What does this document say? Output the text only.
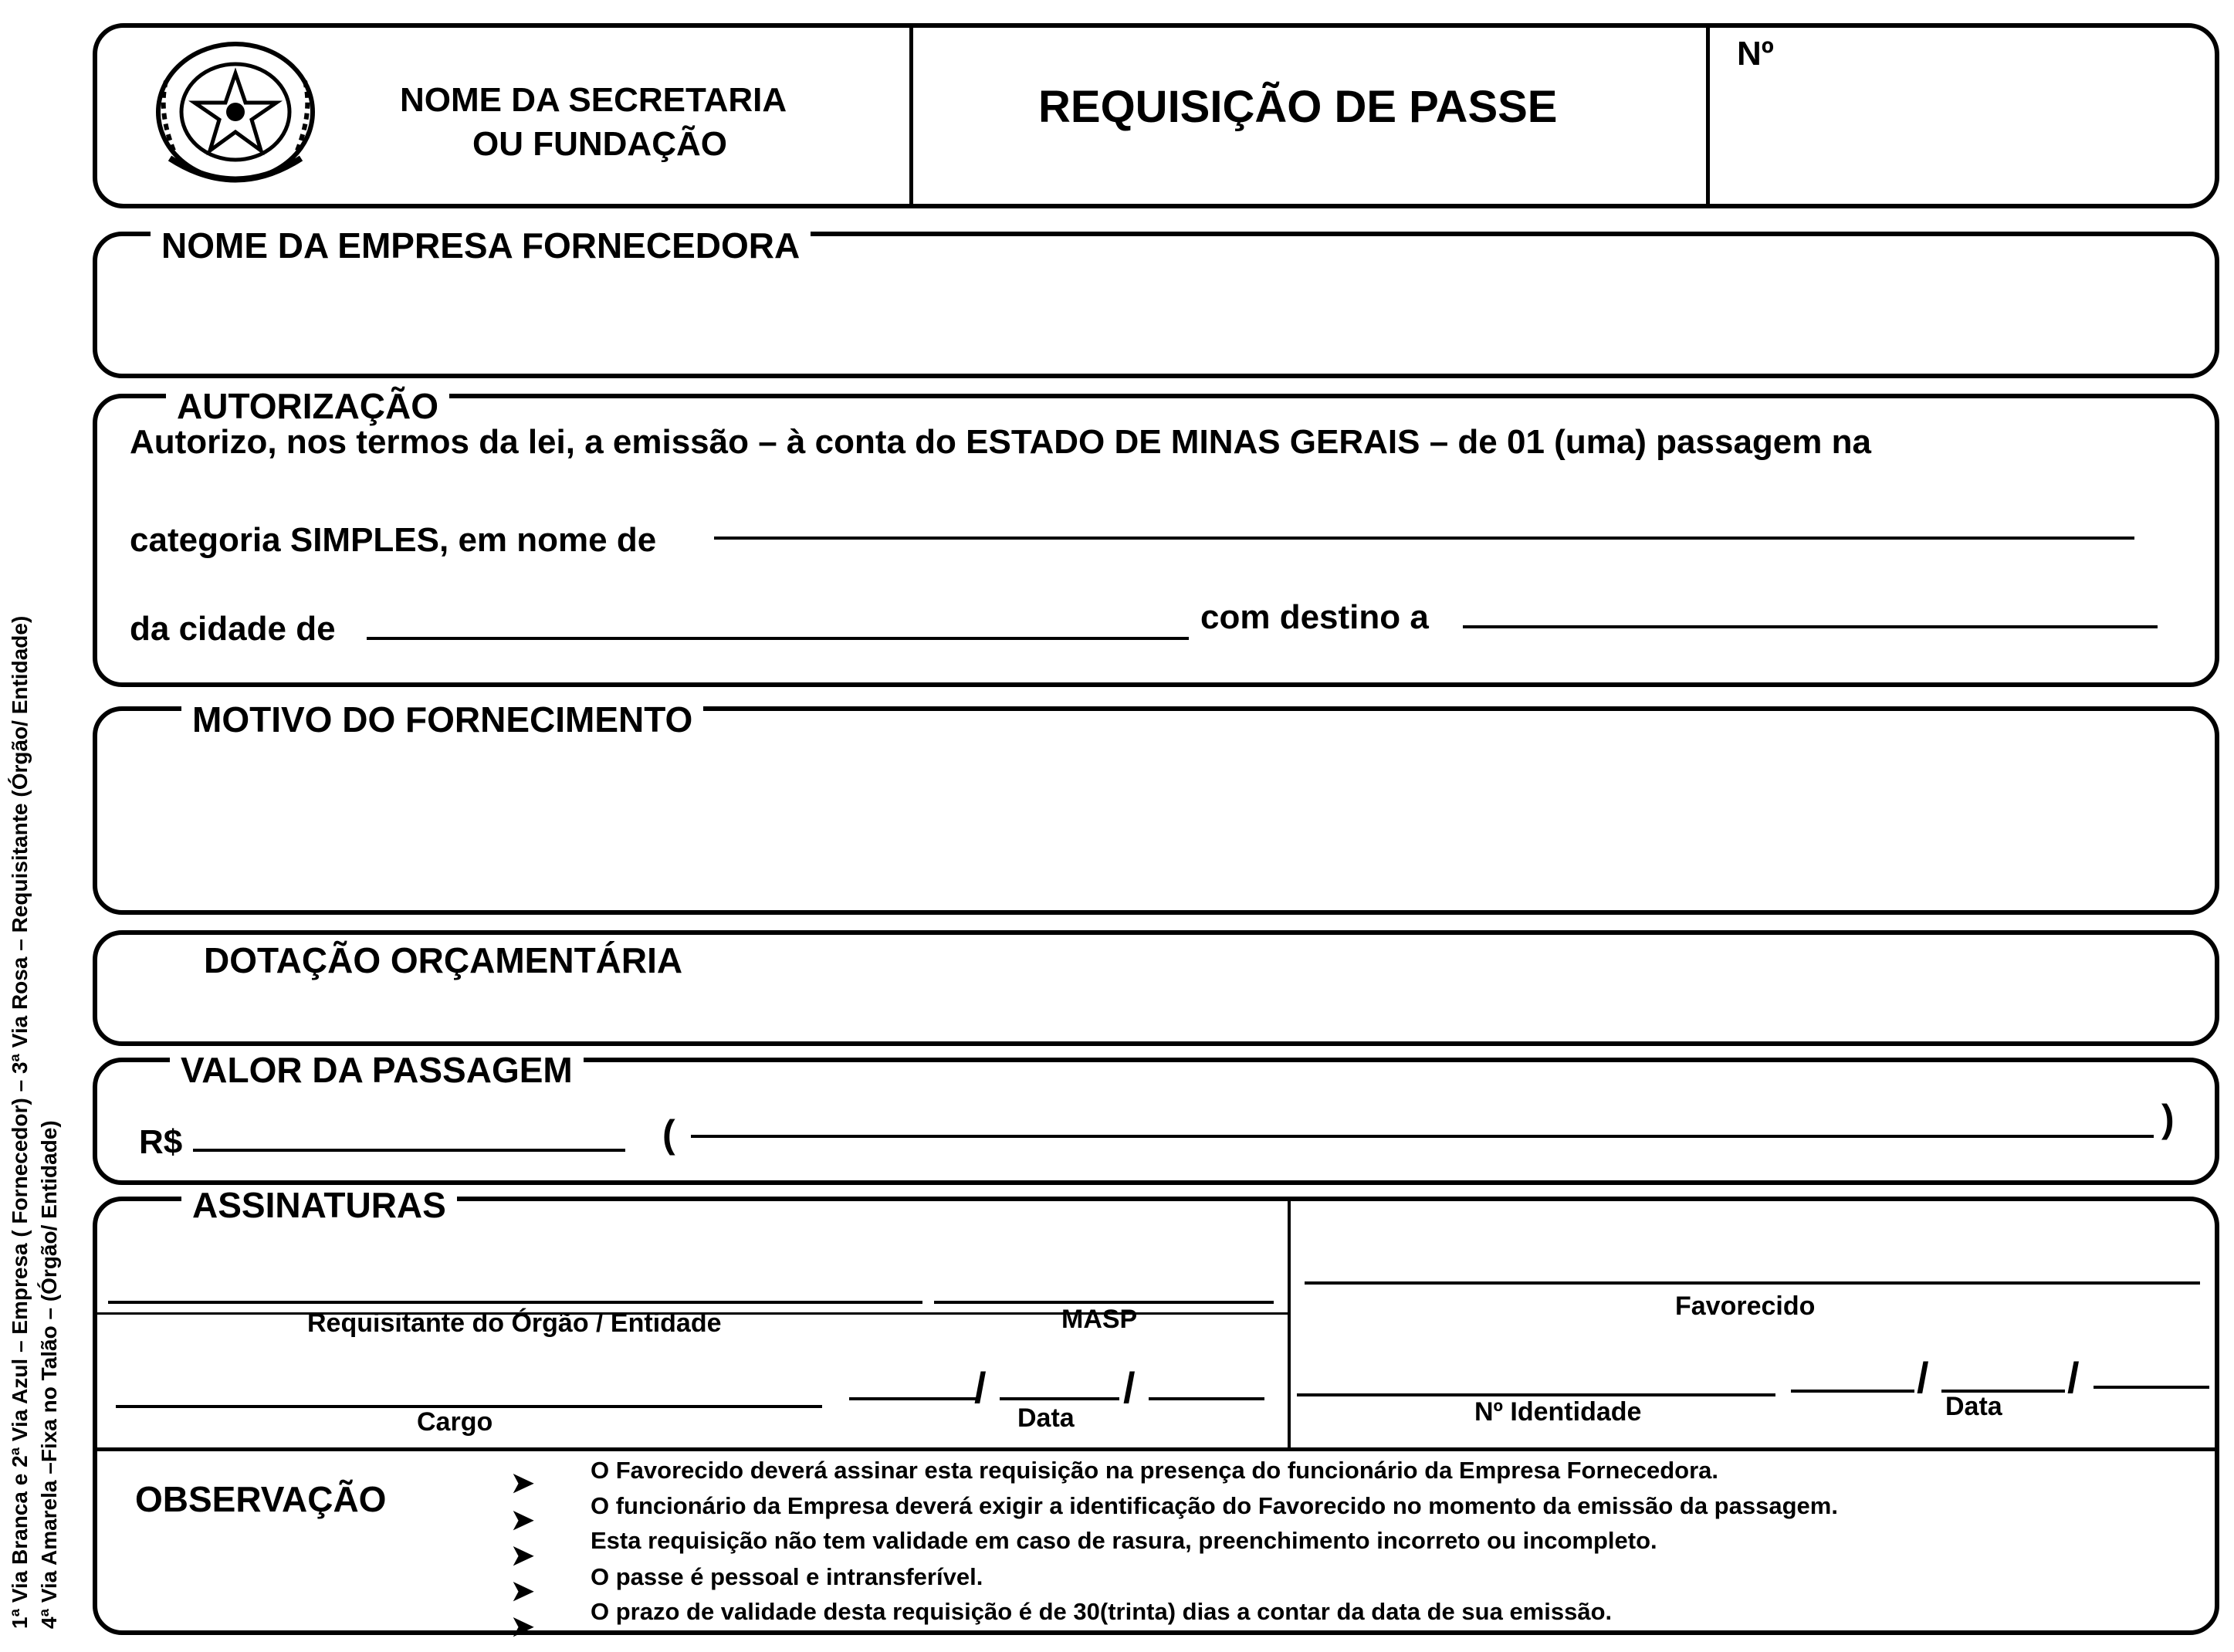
1ª Via Branca e 2ª Via Azul – Empresa ( Fornecedor) – 3ª Via Rosa – Requisitante (Órgão/ Entidade) 4ª Via Amarela –Fixa no Talão – (Órgão/ Entidade)
NOME DA SECRETARIA
OU FUNDAÇÃO
REQUISIÇÃO DE PASSE
Nº
NOME DA EMPRESA FORNECEDORA
AUTORIZAÇÃO
Autorizo, nos termos da lei, a emissão – à conta do ESTADO DE MINAS GERAIS – de 01 (uma) passagem na
categoria SIMPLES, em nome de
da cidade de	com destino a
MOTIVO DO FORNECIMENTO
DOTAÇÃO ORÇAMENTÁRIA
VALOR DA PASSAGEM
R$	(	)
ASSINATURAS
Requisitante do Órgão / Entidade	MASP
Cargo
/	/
Data
Favorecido
Nº Identidade
/	/
Data
OBSERVAÇÃO	➤ O Favorecido deverá assinar esta requisição na presença do funcionário da Empresa Fornecedora.
➤ O funcionário da Empresa deverá exigir a identificação do Favorecido no momento da emissão da passagem.
➤ Esta requisição não tem validade em caso de rasura, preenchimento incorreto ou incompleto.
➤ O passe é pessoal e intransferível.
➤ O prazo de validade desta requisição é de 30(trinta) dias a contar da data de sua emissão.
